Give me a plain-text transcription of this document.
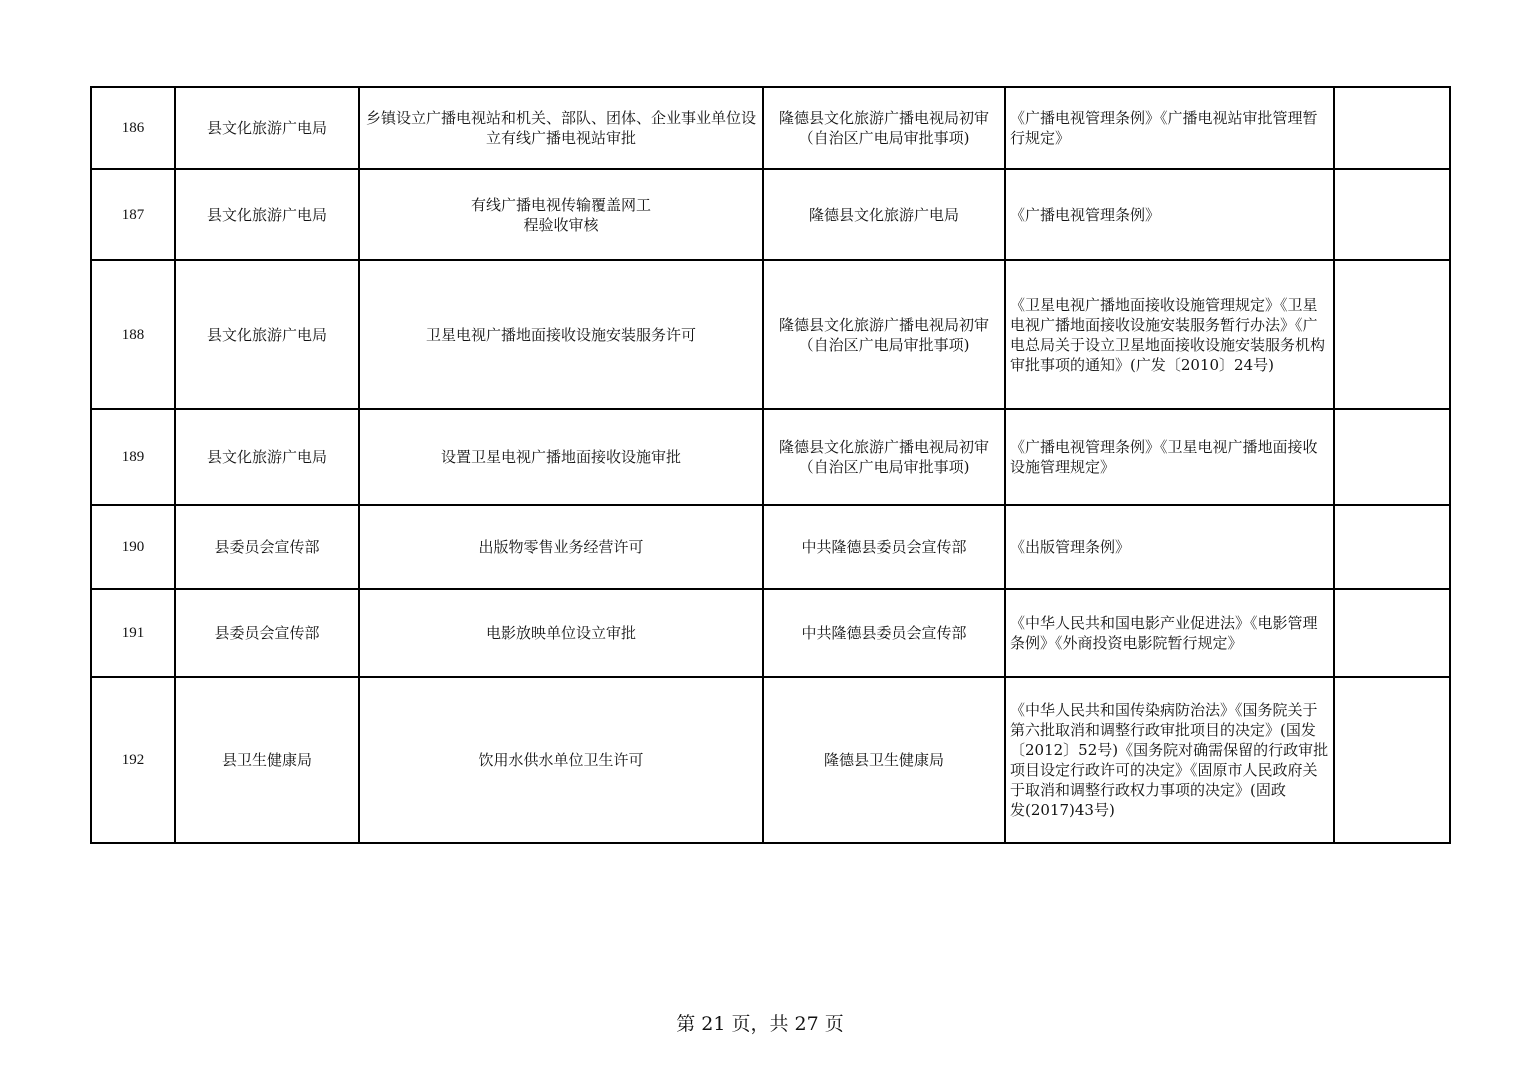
186	县文化旅游广电局	乡镇设立广播电视站和机关、部队、团体、企业事业单位设立有线广播电视站审批	隆德县文化旅游广播电视局初审（自治区广电局审批事项)	《广播电视管理条例》《广播电视站审批管理暂行规定》	
187	县文化旅游广电局	有线广播电视传输覆盖网工
程验收审核	隆德县文化旅游广电局	《广播电视管理条例》	
188	县文化旅游广电局	卫星电视广播地面接收设施安装服务许可	隆德县文化旅游广播电视局初审（自治区广电局审批事项)	《卫星电视广播地面接收设施管理规定》《卫星电视广播地面接收设施安装服务暂行办法》《广电总局关于设立卫星地面接收设施安装服务机构审批事项的通知》(广发〔2010〕24号)	
189	县文化旅游广电局	设置卫星电视广播地面接收设施审批	隆德县文化旅游广播电视局初审（自治区广电局审批事项)	《广播电视管理条例》《卫星电视广播地面接收设施管理规定》	
190	县委员会宣传部	出版物零售业务经营许可	中共隆德县委员会宣传部	《出版管理条例》	
191	县委员会宣传部	电影放映单位设立审批	中共隆德县委员会宣传部	《中华人民共和国电影产业促进法》《电影管理条例》《外商投资电影院暂行规定》	
192	县卫生健康局	饮用水供水单位卫生许可	隆德县卫生健康局	《中华人民共和国传染病防治法》《国务院关于第六批取消和调整行政审批项目的决定》(国发〔2012〕52号)《国务院对确需保留的行政审批项目设定行政许可的决定》《固原市人民政府关于取消和调整行政权力事项的决定》(固政
发(2017)43号)	
第 21 页，共 27 页
